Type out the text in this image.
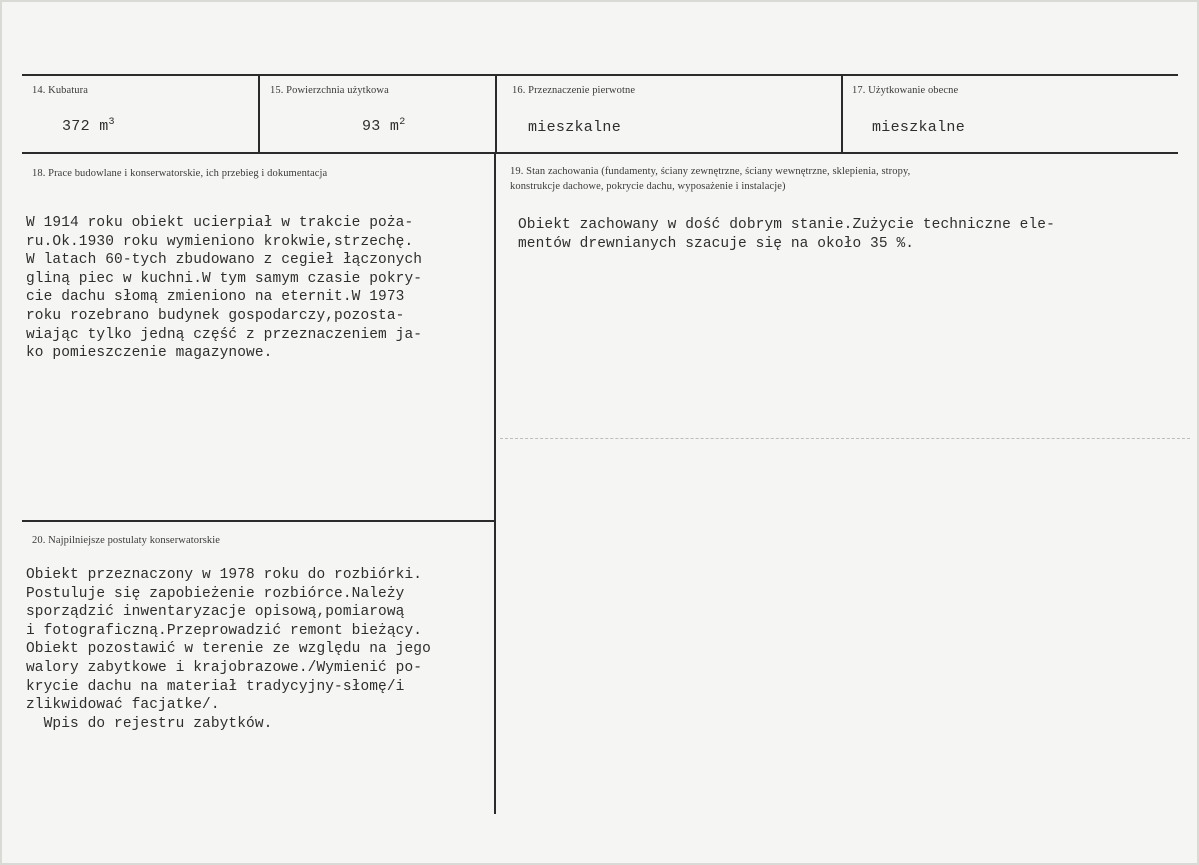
14. Kubatura
372 $m^3$
15. Powierzchnia użytkowa
93 $m^2$
16. Przeznaczenie pierwotne
mieszkalne
17. Użytkowanie obecne
mieszkalne
18. Prace budowlane i konserwatorskie, ich przebieg i dokumentacja
W 1914 roku obiekt ucierpiał w trakcie poża-
ru.Ok.1930 roku wymieniono krokwie,strzechę.
W latach 60-tych zbudowano z cegieł łączonych
gliną piec w kuchni.W tym samym czasie pokry-
cie dachu słomą zmieniono na eternit.W 1973
roku rozebrano budynek gospodarczy,pozosta-
wiając tylko jedną część z przeznaczeniem ja-
ko pomieszczenie magazynowe.
19. Stan zachowania (fundamenty, ściany zewnętrzne, ściany wewnętrzne, sklepienia, stropy,
konstrukcje dachowe, pokrycie dachu, wyposażenie i instalacje)
Obiekt zachowany w dość dobrym stanie.Zużycie techniczne ele-
mentów drewnianych szacuje się na około 35 %.
20. Najpilniejsze postulaty konserwatorskie
Obiekt przeznaczony w 1978 roku do rozbiórki.
Postuluje się zapobieżenie rozbiórce.Należy
sporządzić inwentaryzacje opisową,pomiarową
i fotograficzną.Przeprowadzić remont bieżący.
Obiekt pozostawić w terenie ze względu na jego
walory zabytkowe i krajobrazowe./Wymienić po-
krycie dachu na materiał tradycyjny-słomę/i
zlikwidować facjatke/.
Wpis do rejestru zabytków.
